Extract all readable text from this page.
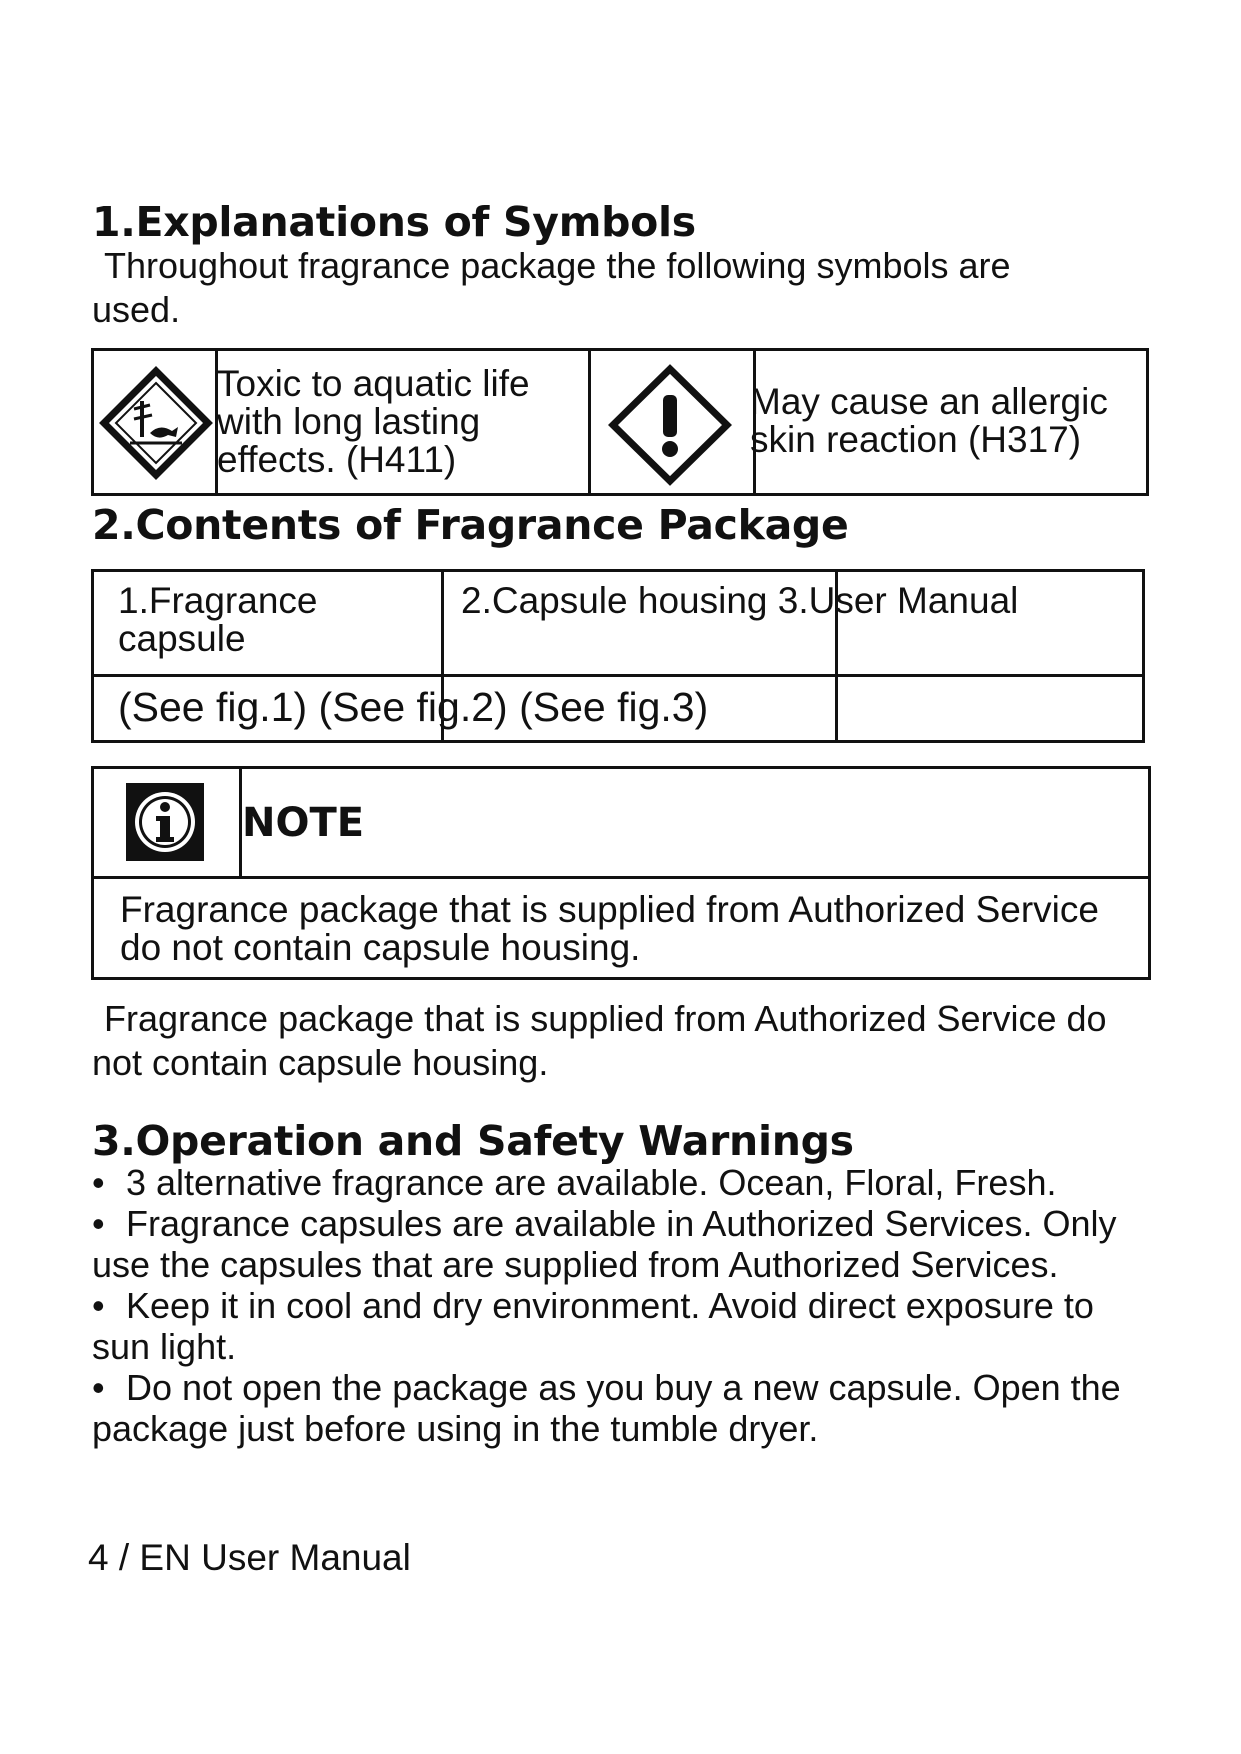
1.Explanations of Symbols
Throughout fragrance package the following symbols are used.
Toxic to aquatic life with long lasting effects. (H411)
May cause an allergic skin reaction (H317)
2.Contents of Fragrance Package
1.Fragrance capsule
2.Capsule housing 3.User Manual
(See fig.1) (See fig.2) (See fig.3)
NOTE
Fragrance package that is supplied from Authorized Service do not contain capsule housing.
Fragrance package that is supplied from Authorized Service do not contain capsule housing.
3.Operation and Safety Warnings
• 3 alternative fragrance are available. Ocean, Floral, Fresh.
• Fragrance capsules are available in Authorized Services. Only use the capsules that are supplied from Authorized Services.
• Keep it in cool and dry environment. Avoid direct exposure to sun light.
• Do not open the package as you buy a new capsule. Open the package just before using in the tumble dryer.
4 / EN User Manual
